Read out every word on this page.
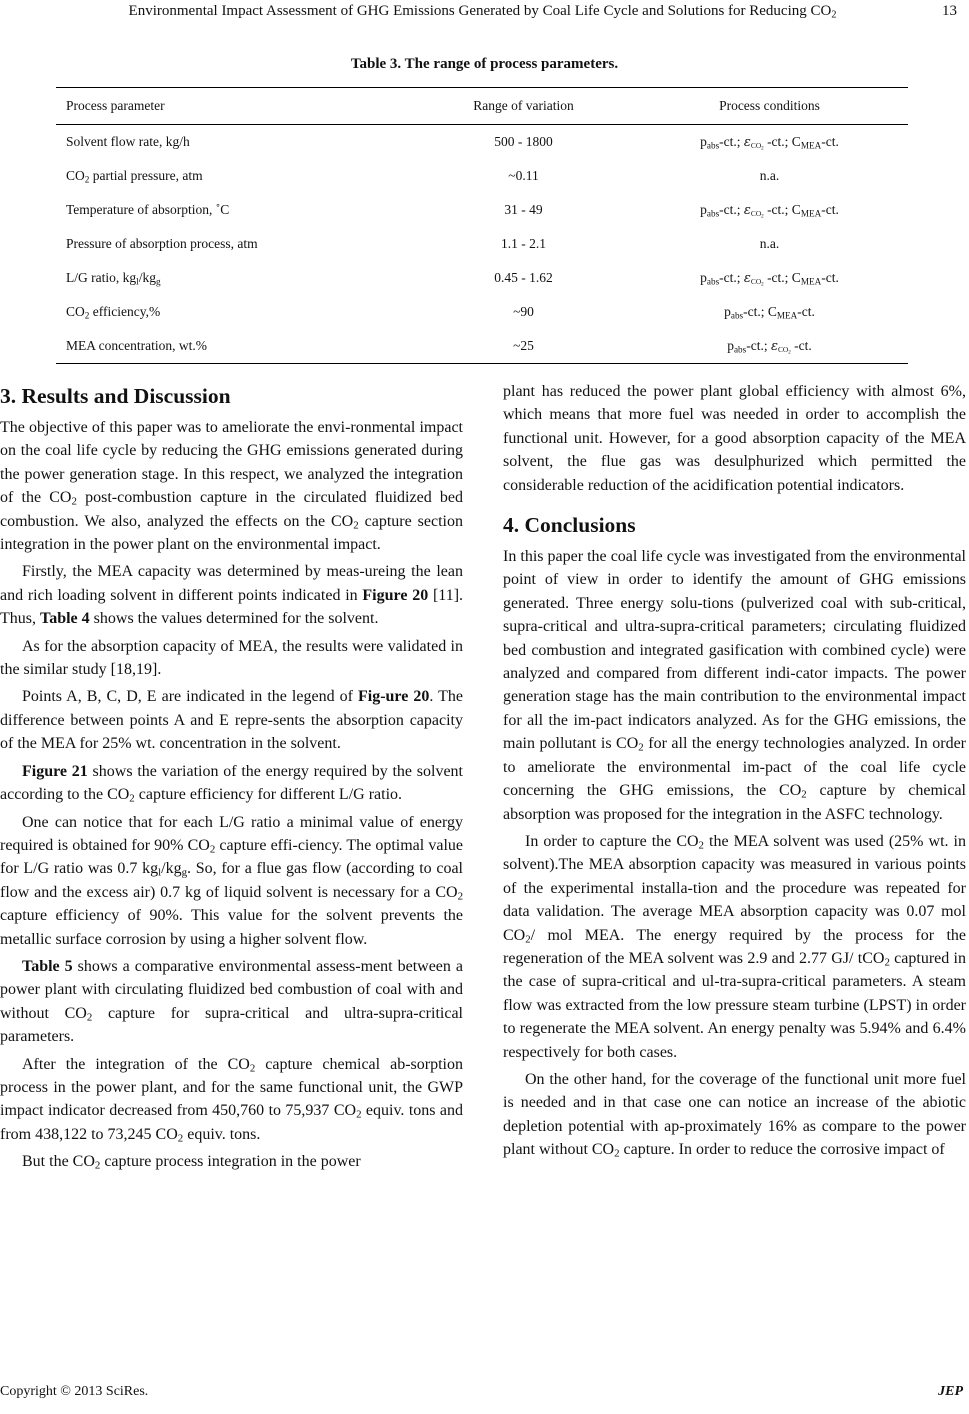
Environmental Impact Assessment of GHG Emissions Generated by Coal Life Cycle and Solutions for Reducing $CO_2$	13
Table 3. The range of process parameters.
Process parameter	Range of variation	Process conditions
Solvent flow rate, kg/h	500 - 1800	$p_{abs}-ct$.; $\varepsilon_{CO_2}$ -ct.; $C_{MEA}-ct$.
$CO_2$ partial pressure, atm	~0.11	n.a.
Temperature of absorption, ˚C	31 - 49	$p_{abs}-ct$.; $\varepsilon_{CO_2}$ -ct.; $C_{MEA}-ct$.
Pressure of absorption process, atm	1.1 - 2.1	n.a.
L/G ratio, $kg_l/kg_g$	0.45 - 1.62	$p_{abs}-ct$.; $\varepsilon_{CO_2}$ -ct.; $C_{MEA}-ct$.
$CO_2$ efficiency,%	~90	$p_{abs}-ct$.; $C_{MEA}-ct$.
MEA concentration, wt.%	~25	$p_{abs}-ct$.; $\varepsilon_{CO_2}$ -ct.
3. Results and Discussion

The objective of this paper was to ameliorate the envi-ronmental impact on the coal life cycle by reducing the GHG emissions generated during the power generation stage. In this respect, we analyzed the integration of the $CO_2$ post-combustion capture in the circulated fluidized bed combustion. We also, analyzed the effects on the $CO_2$ capture section integration in the power plant on the environmental impact.

Firstly, the MEA capacity was determined by meas-ureing the lean and rich loading solvent in different points indicated in Figure 20 [11]. Thus, Table 4 shows the values determined for the solvent.

As for the absorption capacity of MEA, the results were validated in the similar study [18,19].

Points A, B, C, D, E are indicated in the legend of Fig-ure 20. The difference between points A and E repre-sents the absorption capacity of the MEA for 25% wt. concentration in the solvent.

Figure 21 shows the variation of the energy required by the solvent according to the $CO_2$ capture efficiency for different L/G ratio.

One can notice that for each L/G ratio a minimal value of energy required is obtained for 90% $CO_2$ capture effi-ciency. The optimal value for L/G ratio was 0.7 $kg_l/kg_g$. So, for a flue gas flow (according to coal flow and the excess air) 0.7 kg of liquid solvent is necessary for a $CO_2$ capture efficiency of 90%. This value for the solvent prevents the metallic surface corrosion by using a higher solvent flow.

Table 5 shows a comparative environmental assess-ment between a power plant with circulating fluidized bed combustion of coal with and without $CO_2$ capture for supra-critical and ultra-supra-critical parameters.

After the integration of the $CO_2$ capture chemical ab-sorption process in the power plant, and for the same functional unit, the GWP impact indicator decreased from 450,760 to 75,937 $CO_2$ equiv. tons and from 438,122 to 73,245 $CO_2$ equiv. tons.

But the $CO_2$ capture process integration in the power

plant has reduced the power plant global efficiency with almost 6%, which means that more fuel was needed in order to accomplish the functional unit. However, for a good absorption capacity of the MEA solvent, the flue gas was desulphurized which permitted the considerable reduction of the acidification potential indicators.

4. Conclusions

In this paper the coal life cycle was investigated from the environmental point of view in order to identify the amount of GHG emissions generated. Three energy solu-tions (pulverized coal with sub-critical, supra-critical and ultra-supra-critical parameters; circulating fluidized bed combustion and integrated gasification with combined cycle) were analyzed and compared from different indi-cator impacts. The power generation stage has the main contribution to the environmental impact for all the im-pact indicators analyzed. As for the GHG emissions, the main pollutant is $CO_2$ for all the energy technologies analyzed. In order to ameliorate the environmental im-pact of the coal life cycle concerning the GHG emissions, the $CO_2$ capture by chemical absorption was proposed for the integration in the ASFC technology.

In order to capture the $CO_2$ the MEA solvent was used (25% wt. in solvent).The MEA absorption capacity was measured in various points of the experimental installa-tion and the procedure was repeated for data validation. The average MEA absorption capacity was 0.07 mol $CO_2/$ mol MEA. The energy required by the process for the regeneration of the MEA solvent was 2.9 and 2.77 GJ/ tCO$_2$ captured in the case of supra-critical and ul-tra-supra-critical parameters. A steam flow was extracted from the low pressure steam turbine (LPST) in order to regenerate the MEA solvent. An energy penalty was 5.94% and 6.4% respectively for both cases.

On the other hand, for the coverage of the functional unit more fuel is needed and in that case one can notice an increase of the abiotic depletion potential with ap-proximately 16% as compare to the power plant without $CO_2$ capture. In order to reduce the corrosive impact of

Copyright © 2013 SciRes.	JEP
